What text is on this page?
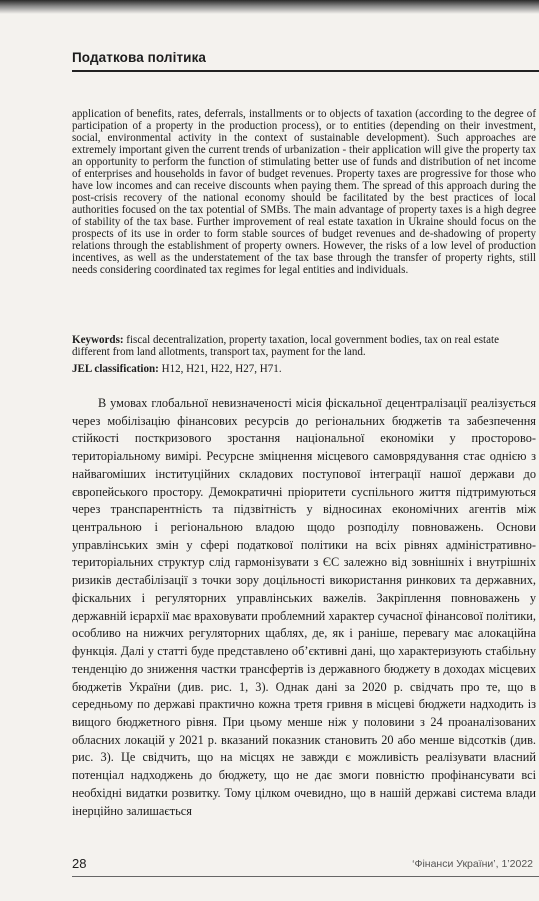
Податкова політика

application of benefits, rates, deferrals, installments or to objects of taxation (according to the degree of participation of a property in the production process), or to entities (depending on their investment, social, environmental activity in the context of sustainable development). Such approaches are extremely important given the current trends of urbanization - their application will give the property tax an opportunity to perform the function of stimulating better use of funds and distribution of net income of enterprises and households in favor of budget revenues. Property taxes are progressive for those who have low incomes and can receive discounts when paying them. The spread of this approach during the post-crisis recovery of the national economy should be facilitated by the best practices of local authorities focused on the tax potential of SMBs. The main advantage of property taxes is a high degree of stability of the tax base. Further improvement of real estate taxation in Ukraine should focus on the prospects of its use in order to form stable sources of budget revenues and de-shadowing of property relations through the establishment of property owners. However, the risks of a low level of production incentives, as well as the understatement of the tax base through the transfer of property rights, still needs considering coordinated tax regimes for legal entities and individuals.

Keywords: fiscal decentralization, property taxation, local government bodies, tax on real estate different from land allotments, transport tax, payment for the land.

JEL classification: H12, H21, H22, H27, H71.

В умовах глобальної невизначеності місія фіскальної децентралізації реалізується через мобілізацію фінансових ресурсів до регіональних бюджетів та забезпечення стійкості посткризового зростання національної економіки у просторово-територіальному вимірі. Ресурсне зміцнення місцевого самоврядування стає однією з найвагоміших інституційних складових поступової інтеграції нашої держави до європейського простору. Демократичні пріоритети суспільного життя підтримуються через транспарентність та підзвітність у відносинах економічних агентів між центральною і регіональною владою щодо розподілу повноважень. Основи управлінських змін у сфері податкової політики на всіх рівнях адміністративно-територіальних структур слід гармонізувати з ЄС залежно від зовнішніх і внутрішніх ризиків дестабілізації з точки зору доцільності використання ринкових та державних, фіскальних і регуляторних управлінських важелів. Закріплення повноважень у державній ієрархії має враховувати проблемний характер сучасної фінансової політики, особливо на нижчих регуляторних щаблях, де, як і раніше, перевагу має алокаційна функція. Далі у статті буде представлено об’єктивні дані, що характеризують стабільну тенденцію до зниження частки трансфертів із державного бюджету в доходах місцевих бюджетів України (див. рис. 1, 3). Однак дані за 2020 р. свідчать про те, що в середньому по державі практично кожна третя гривня в місцеві бюджети надходить із вищого бюджетного рівня. При цьому менше ніж у половини з 24 проаналізованих обласних локацій у 2021 р. вказаний показник становить 20 або менше відсотків (див. рис. 3). Це свідчить, що на місцях не завжди є можливість реалізувати власний потенціал надходжень до бюджету, що не дає змоги повністю профінансувати всі необхідні видатки розвитку. Тому цілком очевидно, що в нашій державі система влади інерційно залишається

28	‘Фінанси України’, 1’2022
